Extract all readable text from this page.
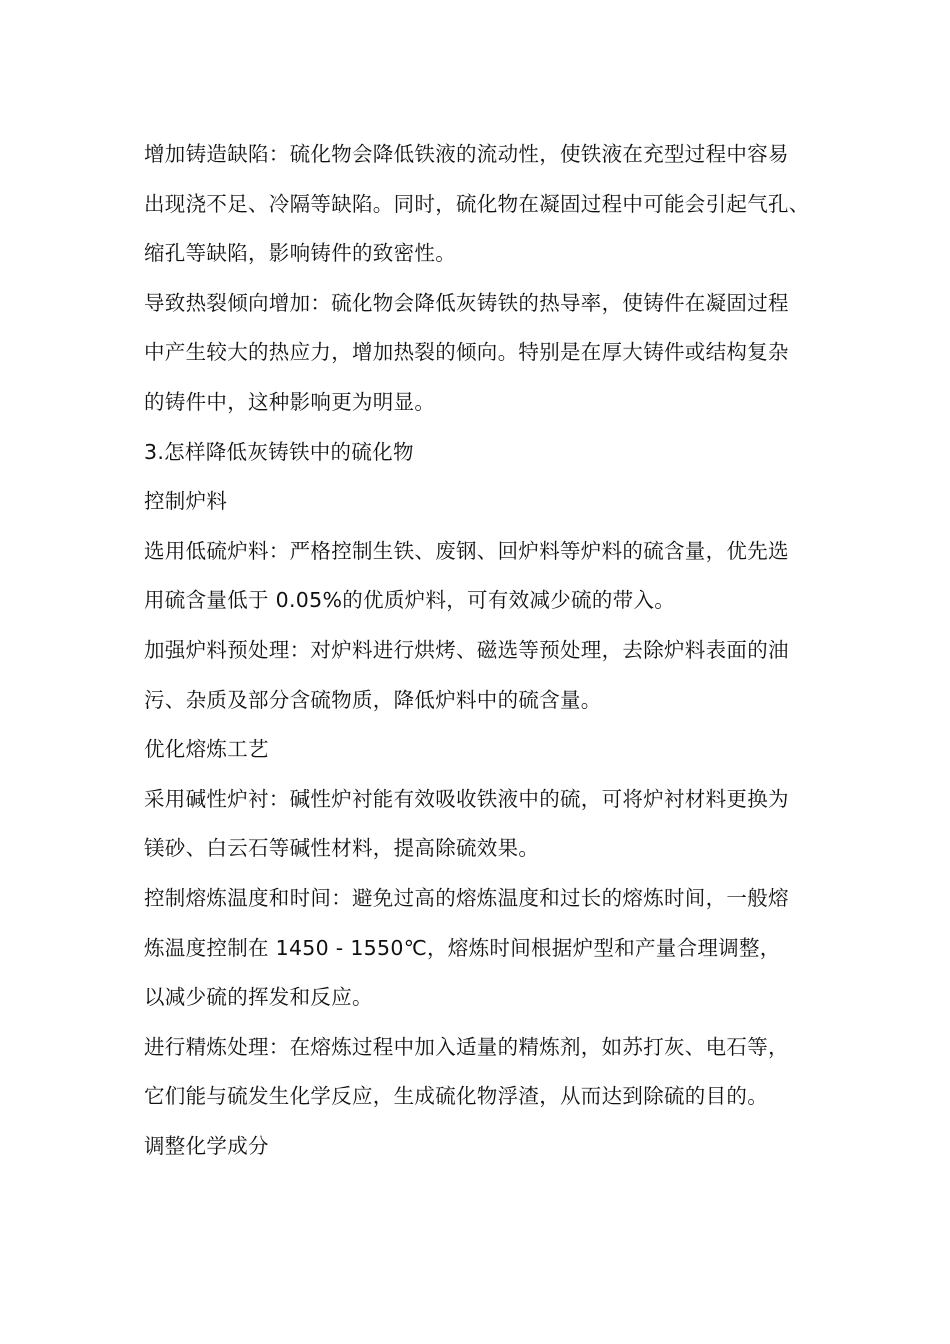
增加铸造缺陷：硫化物会降低铁液的流动性，使铁液在充型过程中容易
出现浇不足、冷隔等缺陷。同时，硫化物在凝固过程中可能会引起气孔、
缩孔等缺陷，影响铸件的致密性。
导致热裂倾向增加：硫化物会降低灰铸铁的热导率，使铸件在凝固过程
中产生较大的热应力，增加热裂的倾向。特别是在厚大铸件或结构复杂
的铸件中，这种影响更为明显。
3.怎样降低灰铸铁中的硫化物
控制炉料
选用低硫炉料：严格控制生铁、废钢、回炉料等炉料的硫含量，优先选
用硫含量低于 0.05%的优质炉料，可有效减少硫的带入。
加强炉料预处理：对炉料进行烘烤、磁选等预处理，去除炉料表面的油
污、杂质及部分含硫物质，降低炉料中的硫含量。
优化熔炼工艺
采用碱性炉衬：碱性炉衬能有效吸收铁液中的硫，可将炉衬材料更换为
镁砂、白云石等碱性材料，提高除硫效果。
控制熔炼温度和时间：避免过高的熔炼温度和过长的熔炼时间，一般熔
炼温度控制在 1450 - 1550℃，熔炼时间根据炉型和产量合理调整，
以减少硫的挥发和反应。
进行精炼处理：在熔炼过程中加入适量的精炼剂，如苏打灰、电石等，
它们能与硫发生化学反应，生成硫化物浮渣，从而达到除硫的目的。
调整化学成分
